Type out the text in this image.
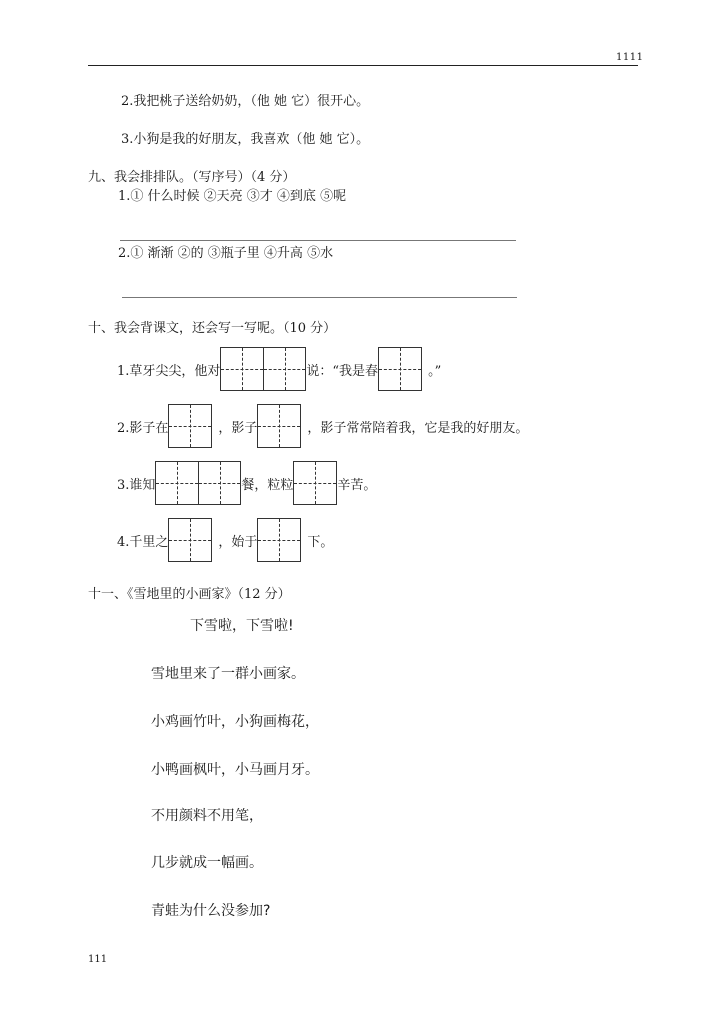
1111
2.我把桃子送给奶奶，（他 她 它）很开心。
3.小狗是我的好朋友，我喜欢（他 她 它）。
九、我会排排队。（写序号）（4 分）
1.① 什么时候 ②天亮 ③才 ④到底 ⑤呢
2.① 渐渐 ②的 ③瓶子里 ④升高 ⑤水
十、我会背课文，还会写一写呢。（10 分）
1.草牙尖尖，他对	说：“我是春	。”
2.影子在	，影子	，影子常常陪着我，它是我的好朋友。
3.谁知	餐，粒粒	辛苦。
4.千里之	，始于	下。
十一、《雪地里的小画家》（12 分）
下雪啦，下雪啦!
雪地里来了一群小画家。
小鸡画竹叶，小狗画梅花，
小鸭画枫叶，小马画月牙。
不用颜料不用笔，
几步就成一幅画。
青蛙为什么没参加?
111
